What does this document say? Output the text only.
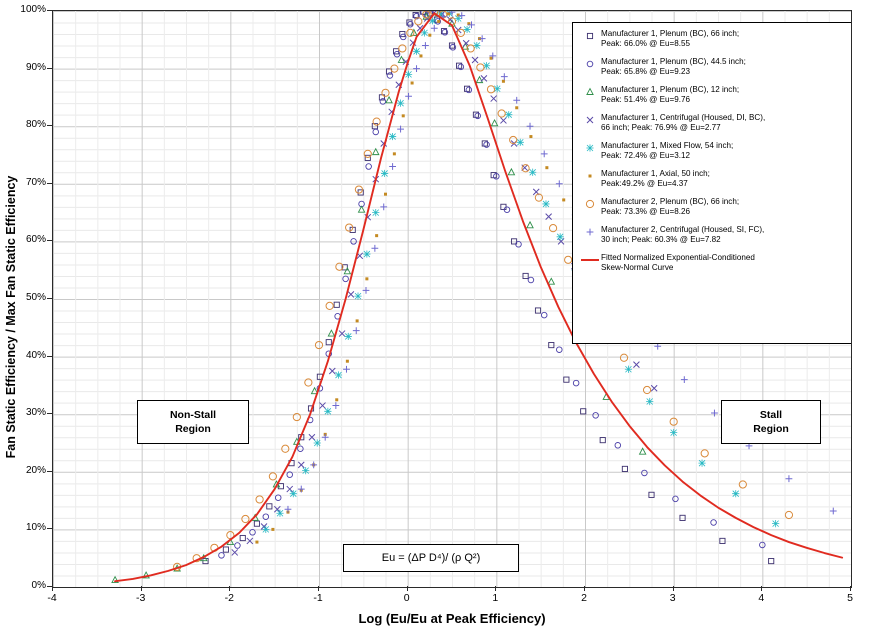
Fan Static Efficiency / Max Fan Static Efficiency	Non-Stall
Region
Stall
Region
Eu = (ΔP D⁴)/ (ρ Q²)
Manufacturer 1, Plenum (BC), 66 inch;
Peak: 66.0% @ Eu=8.55
Manufacturer 1, Plenum (BC), 44.5 inch;
Peak: 65.8% @ Eu=9.23
Manufacturer 1, Plenum (BC), 12 inch;
Peak: 51.4% @ Eu=9.76
Manufacturer 1, Centrifugal (Housed, DI, BC),
66 inch; Peak: 76.9% @ Eu=2.77
Manufacturer 1, Mixed Flow, 54 inch;
Peak: 72.4% @ Eu=3.12
Manufacturer 1, Axial, 50 inch;
Peak:49.2% @ Eu=4.37
Manufacturer 2, Plenum (BC), 66 inch;
Peak: 73.3% @ Eu=8.26
Manufacturer 2, Centrifugal (Housed, SI, FC),
30 inch; Peak: 60.3% @ Eu=7.82
Fitted Normalized Exponential-Conditioned
Skew-Normal Curve
0%
10%
20%
30%
40%
50%
60%
70%
80%
90%
100%
-4	-3	-2	-1	0	1	2	3	4	5
Log (Eu/Eu at Peak Efficiency)
